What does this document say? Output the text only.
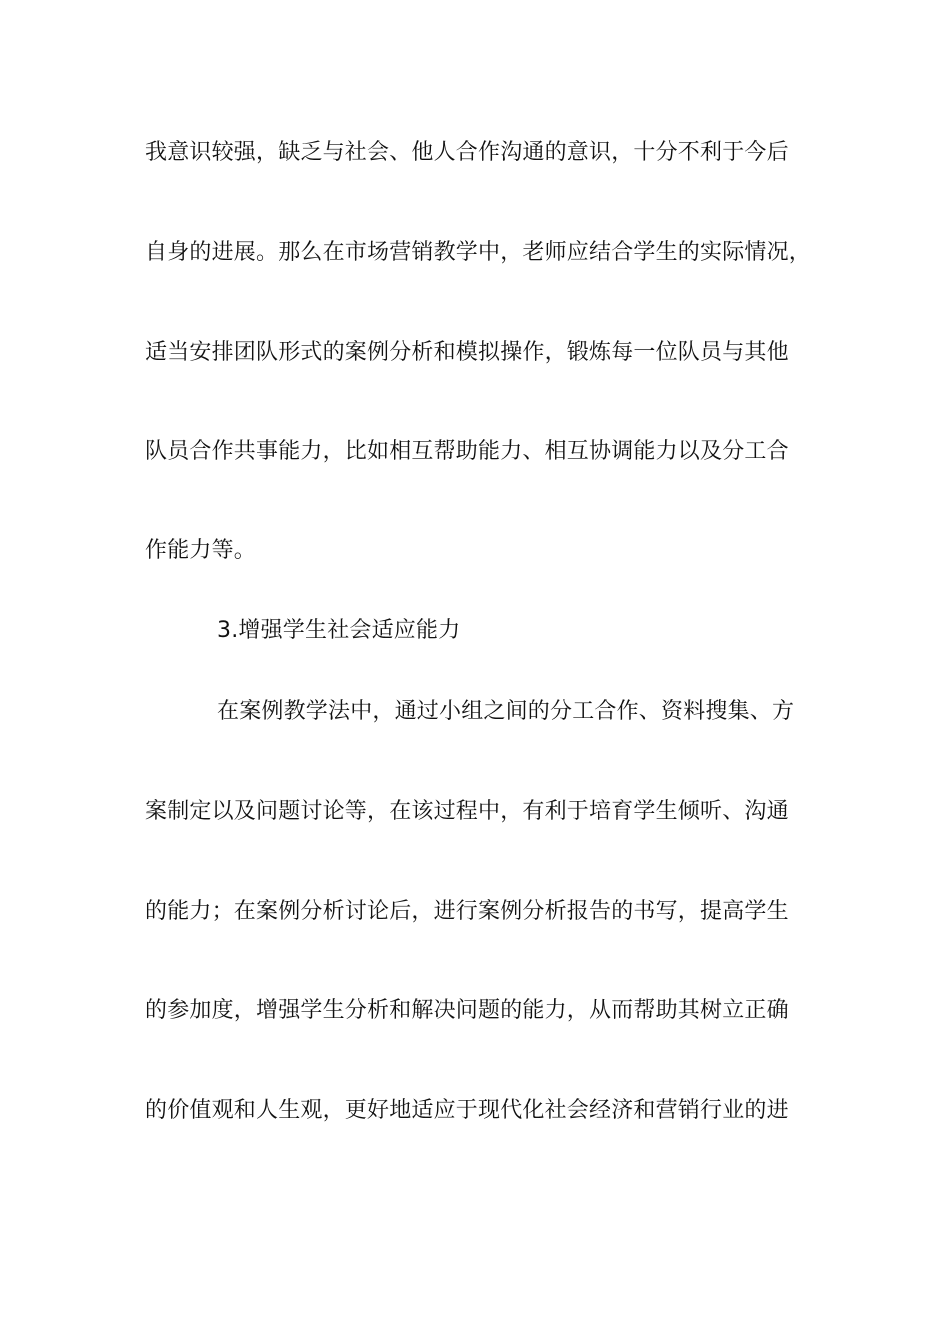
我意识较强，缺乏与社会、他人合作沟通的意识，十分不利于今后
自身的进展。那么在市场营销教学中，老师应结合学生的实际情况，
适当安排团队形式的案例分析和模拟操作，锻炼每一位队员与其他
队员合作共事能力，比如相互帮助能力、相互协调能力以及分工合
作能力等。
3.增强学生社会适应能力
在案例教学法中，通过小组之间的分工合作、资料搜集、方
案制定以及问题讨论等，在该过程中，有利于培育学生倾听、沟通
的能力；在案例分析讨论后，进行案例分析报告的书写，提高学生
的参加度，增强学生分析和解决问题的能力，从而帮助其树立正确
的价值观和人生观，更好地适应于现代化社会经济和营销行业的进
